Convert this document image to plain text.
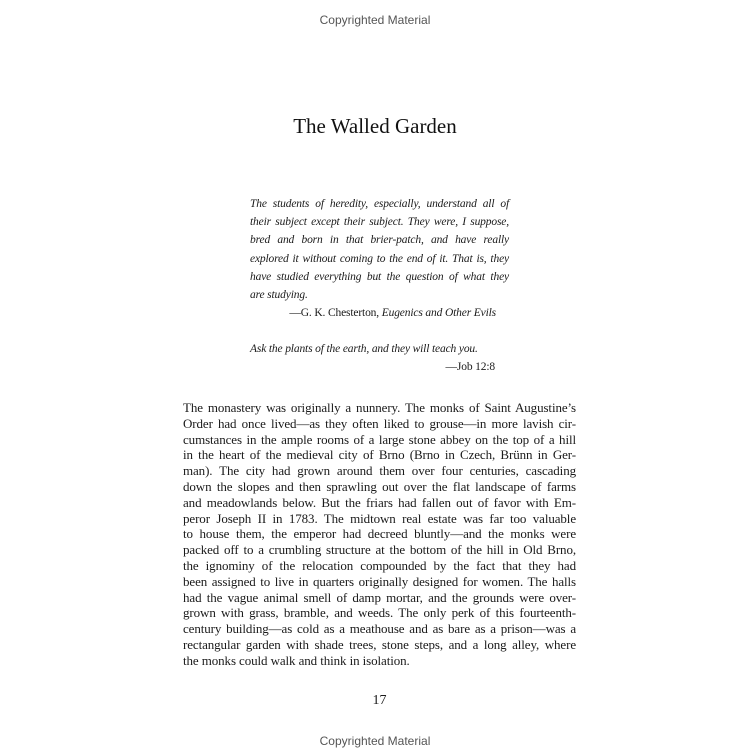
Copyrighted Material
The Walled Garden
The students of heredity, especially, understand all of
their subject except their subject. They were, I suppose,
bred and born in that brier-patch, and have really
explored it without coming to the end of it. That is, they
have studied everything but the question of what they
are studying.
—G. K. Chesterton, Eugenics and Other Evils
Ask the plants of the earth, and they will teach you.
—Job 12:8
The monastery was originally a nunnery. The monks of Saint Augustine’s
Order had once lived—as they often liked to grouse—in more lavish cir-
cumstances in the ample rooms of a large stone abbey on the top of a hill
in the heart of the medieval city of Brno (Brno in Czech, Brünn in Ger-
man). The city had grown around them over four centuries, cascading
down the slopes and then sprawling out over the flat landscape of farms
and meadowlands below. But the friars had fallen out of favor with Em-
peror Joseph II in 1783. The midtown real estate was far too valuable
to house them, the emperor had decreed bluntly—and the monks were
packed off to a crumbling structure at the bottom of the hill in Old Brno,
the ignominy of the relocation compounded by the fact that they had
been assigned to live in quarters originally designed for women. The halls
had the vague animal smell of damp mortar, and the grounds were over-
grown with grass, bramble, and weeds. The only perk of this fourteenth-
century building—as cold as a meathouse and as bare as a prison—was a
rectangular garden with shade trees, stone steps, and a long alley, where
the monks could walk and think in isolation.
17
Copyrighted Material
